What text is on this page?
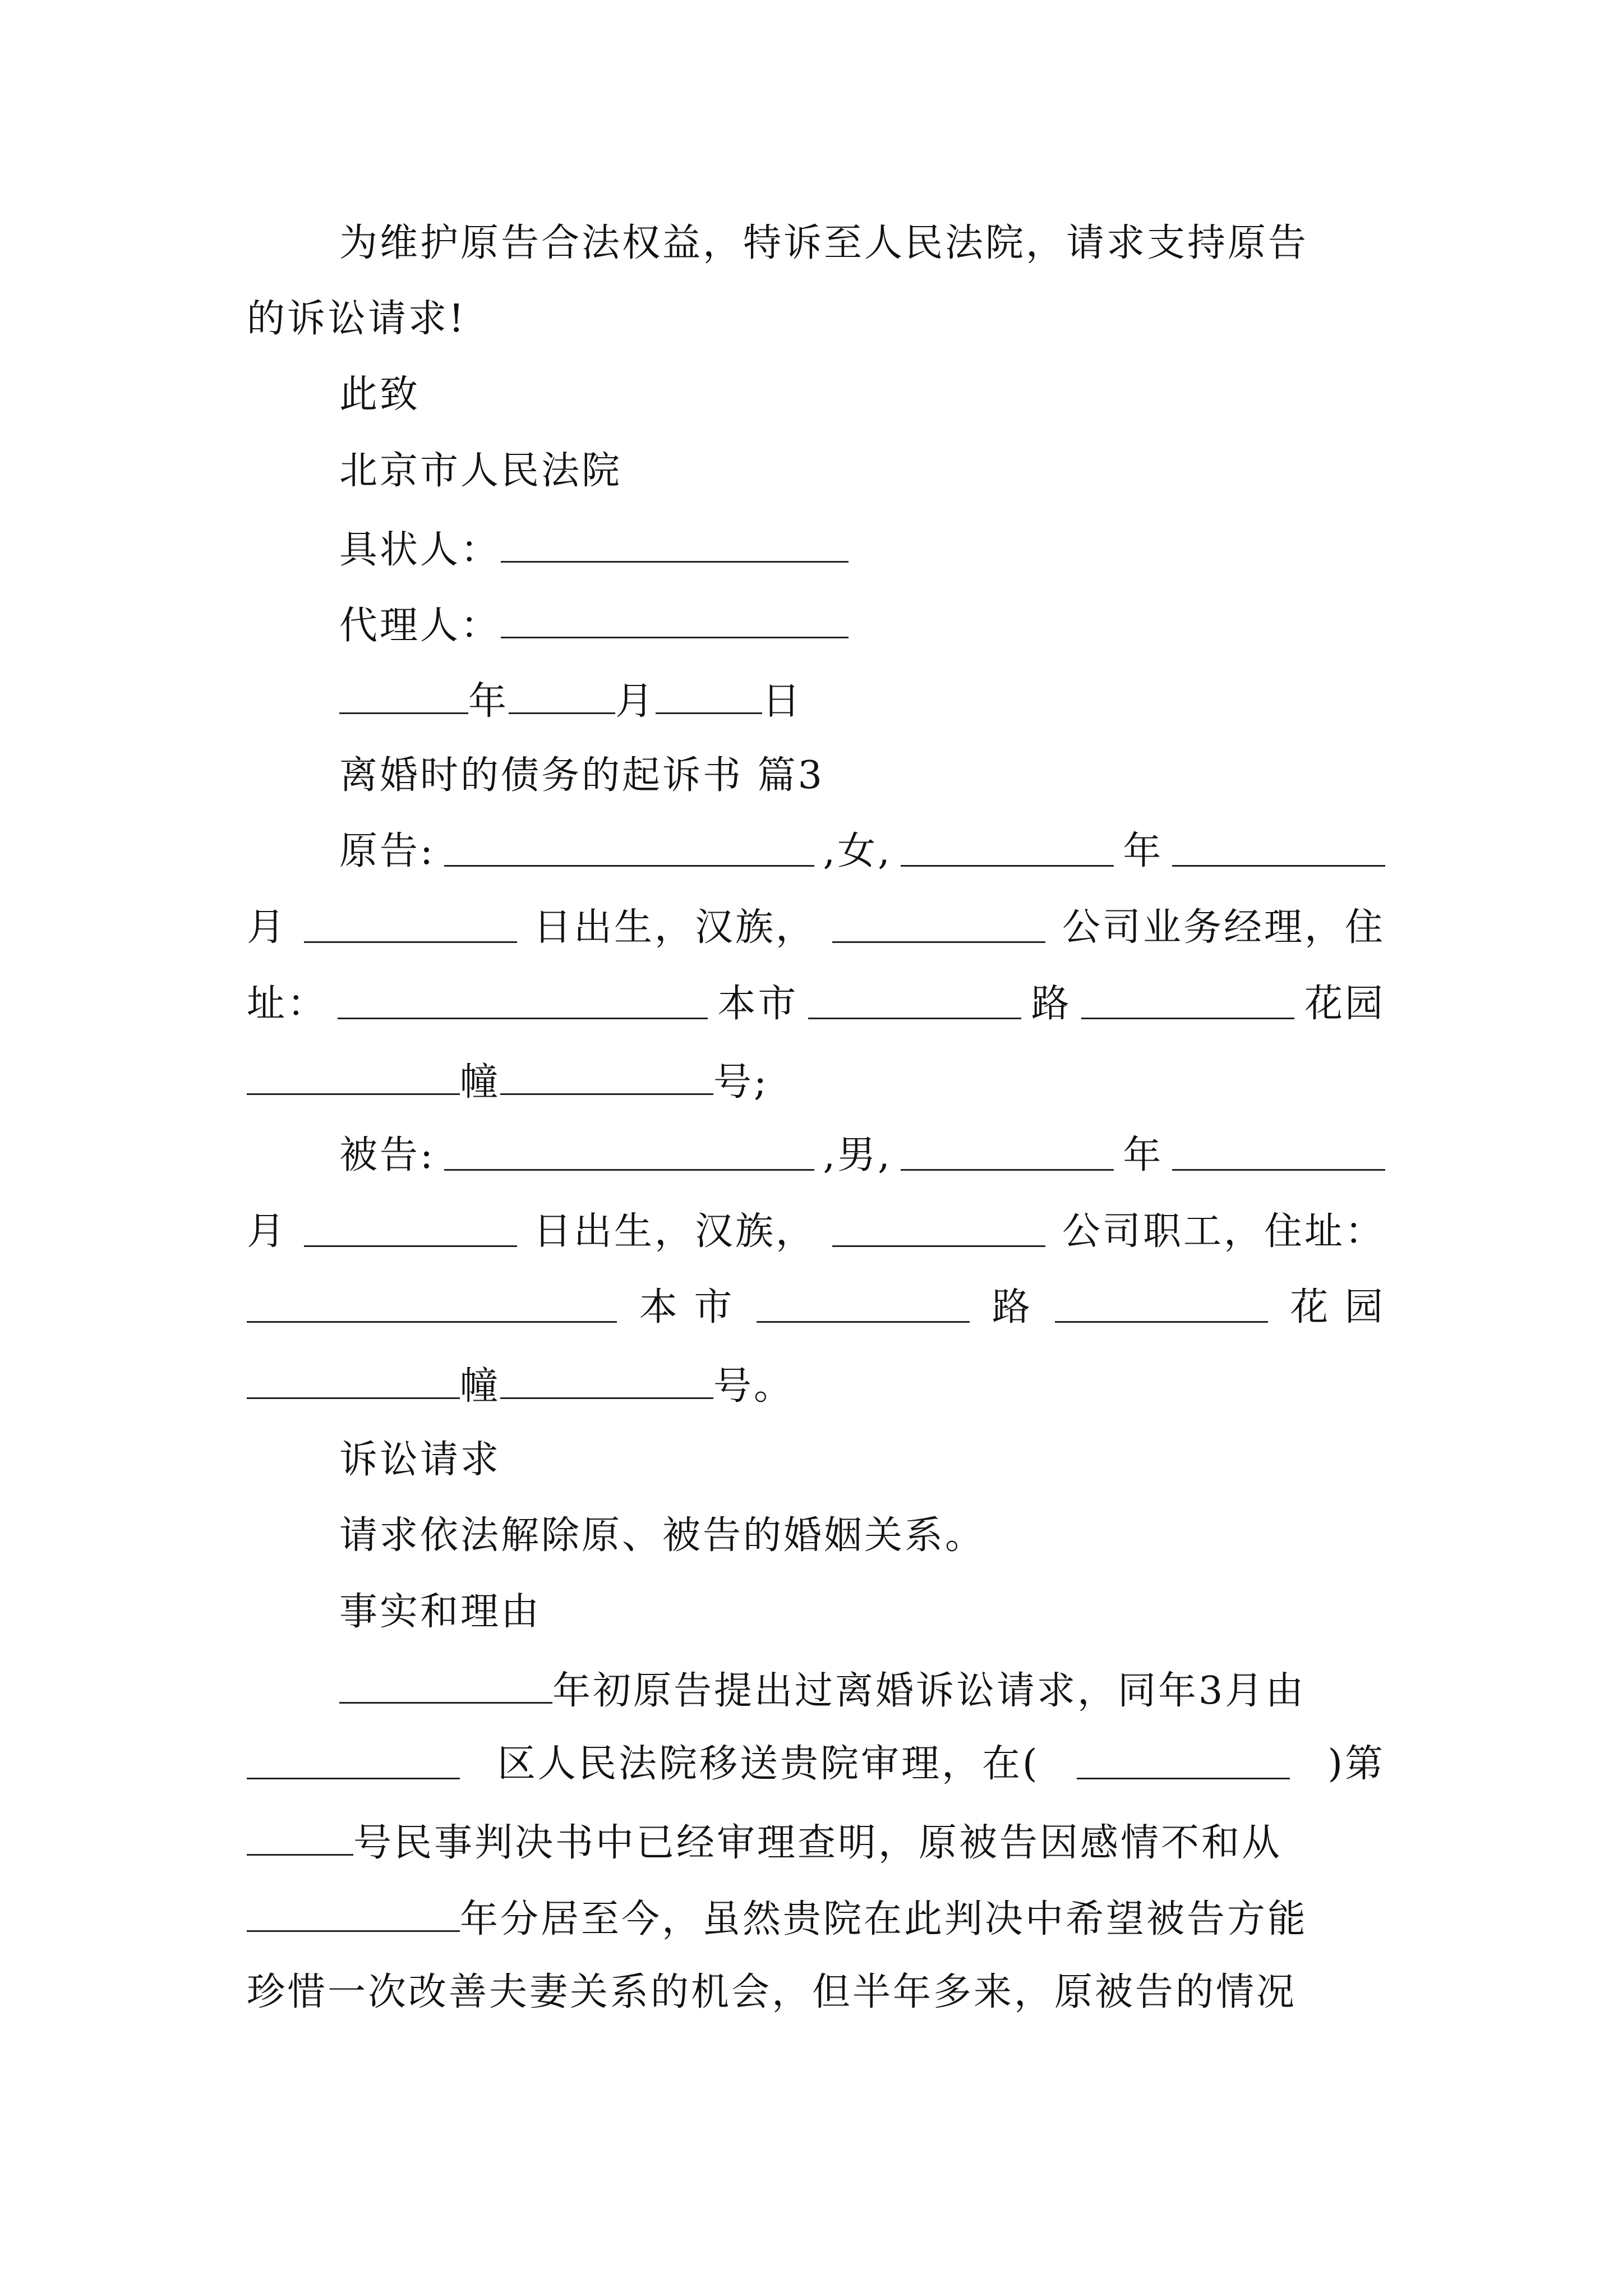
为维护原告合法权益，特诉至人民法院，请求支持原告
的诉讼请求!
此致
北京市人民法院
具状人：
代理人：
年	月	日
离婚时的债务的起诉书 篇3
原告:	,女,	年
月	日出生，汉族，	公司业务经理，住
址：	本市	路	花园
幢	号;
被告:	,男,	年
月	日出生，汉族，	公司职工，住址：
本 市	路	花 园
幢	号。
诉讼请求
请求依法解除原、被告的婚姻关系。
事实和理由
年初原告提出过离婚诉讼请求，同年3月由
区人民法院移送贵院审理，在(	)第
号民事判决书中已经审理查明，原被告因感情不和从
年分居至今，虽然贵院在此判决中希望被告方能
珍惜一次改善夫妻关系的机会，但半年多来，原被告的情况
